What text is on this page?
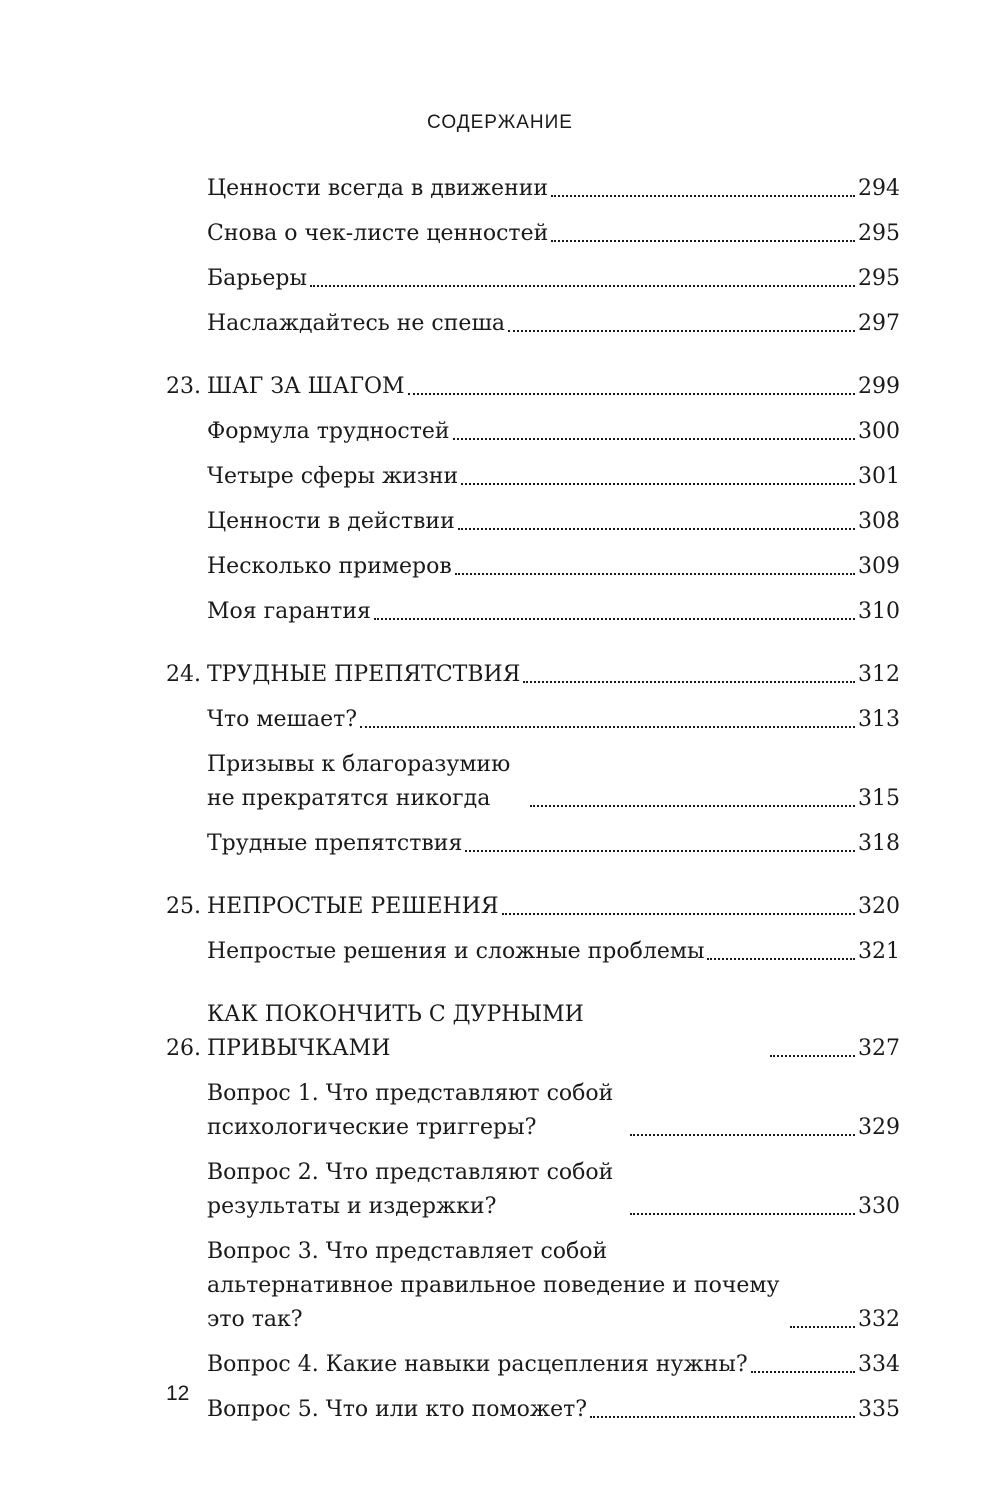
СОДЕРЖАНИЕ
Ценности всегда в движении	294
Снова о чек-листе ценностей	295
Барьеры	295
Наслаждайтесь не спеша	297
23. ШАГ ЗА ШАГОМ	299
Формула трудностей	300
Четыре сферы жизни	301
Ценности в действии	308
Несколько примеров	309
Моя гарантия	310
24. ТРУДНЫЕ ПРЕПЯТСТВИЯ	312
Что мешает?	313
Призывы к благоразумию не прекратятся никогда	315
Трудные препятствия	318
25. НЕПРОСТЫЕ РЕШЕНИЯ	320
Непростые решения и сложные проблемы	321
26.
КАК ПОКОНЧИТЬ С ДУРНЫМИ ПРИВЫЧКАМИ	327
Вопрос 1. Что представляют собой психологические триггеры?	329
Вопрос 2. Что представляют собой результаты и издержки?	330
Вопрос 3. Что представляет собой альтернативное правильное поведение и почему это так?	332
Вопрос 4. Какие навыки расцепления нужны?	334
Вопрос 5. Что или кто поможет?	335
12
